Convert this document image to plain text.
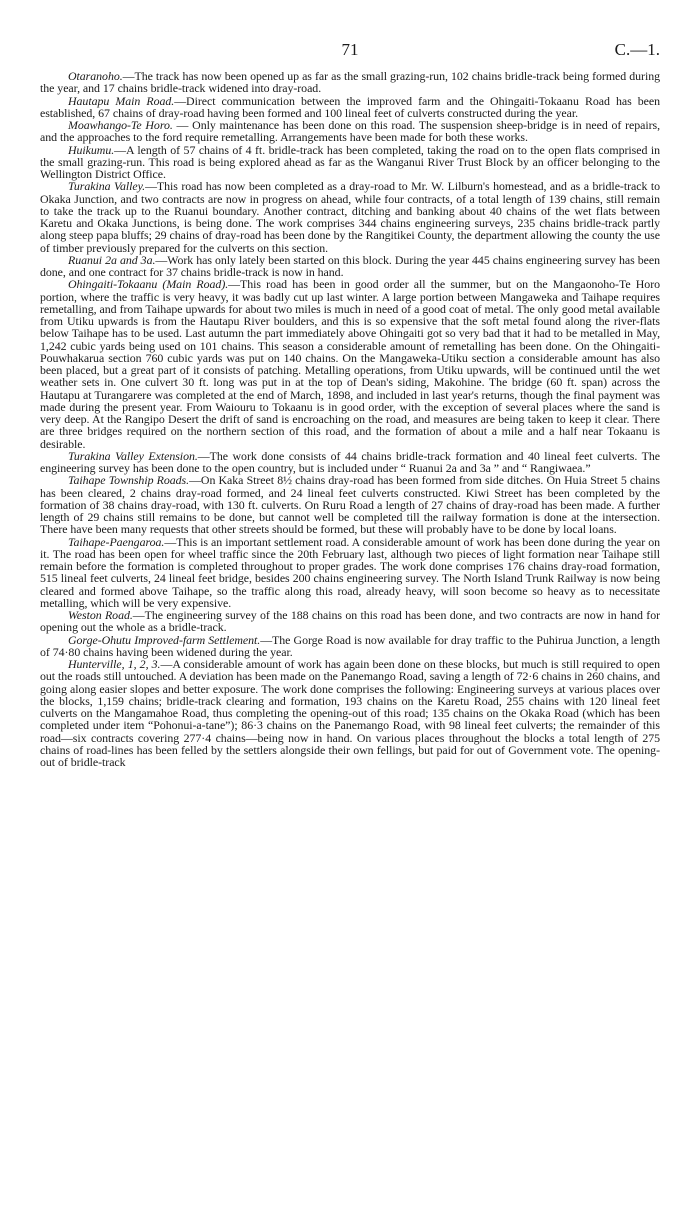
71	C.—1.

Otaranoho.—The track has now been opened up as far as the small grazing-run, 102 chains bridle-track being formed during the year, and 17 chains bridle-track widened into dray-road.

Hautapu Main Road.—Direct communication between the improved farm and the Ohingaiti-Tokaanu Road has been established, 67 chains of dray-road having been formed and 100 lineal feet of culverts constructed during the year.

Moawhango-Te Horo. — Only maintenance has been done on this road. The suspension sheep-bridge is in need of repairs, and the approaches to the ford require remetalling. Arrangements have been made for both these works.

Huikumu.—A length of 57 chains of 4 ft. bridle-track has been completed, taking the road on to the open flats comprised in the small grazing-run. This road is being explored ahead as far as the Wanganui River Trust Block by an officer belonging to the Wellington District Office.

Turakina Valley.—This road has now been completed as a dray-road to Mr. W. Lilburn's homestead, and as a bridle-track to Okaka Junction, and two contracts are now in progress on ahead, while four contracts, of a total length of 139 chains, still remain to take the track up to the Ruanui boundary. Another contract, ditching and banking about 40 chains of the wet flats between Karetu and Okaka Junctions, is being done. The work comprises 344 chains engineering surveys, 235 chains bridle-track partly along steep papa bluffs; 29 chains of dray-road has been done by the Rangitikei County, the department allowing the county the use of timber previously prepared for the culverts on this section.

Ruanui 2a and 3a.—Work has only lately been started on this block. During the year 445 chains engineering survey has been done, and one contract for 37 chains bridle-track is now in hand.

Ohingaiti-Tokaanu (Main Road).—This road has been in good order all the summer, but on the Mangaonoho-Te Horo portion, where the traffic is very heavy, it was badly cut up last winter. A large portion between Mangaweka and Taihape requires remetalling, and from Taihape upwards for about two miles is much in need of a good coat of metal. The only good metal available from Utiku upwards is from the Hautapu River boulders, and this is so expensive that the soft metal found along the river-flats below Taihape has to be used. Last autumn the part immediately above Ohingaiti got so very bad that it had to be metalled in May, 1,242 cubic yards being used on 101 chains. This season a considerable amount of remetalling has been done. On the Ohingaiti-Pouwhakarua section 760 cubic yards was put on 140 chains. On the Mangaweka-Utiku section a considerable amount has also been placed, but a great part of it consists of patching. Metalling operations, from Utiku upwards, will be continued until the wet weather sets in. One culvert 30 ft. long was put in at the top of Dean's siding, Makohine. The bridge (60 ft. span) across the Hautapu at Turangarere was completed at the end of March, 1898, and included in last year's returns, though the final payment was made during the present year. From Waiouru to Tokaanu is in good order, with the exception of several places where the sand is very deep. At the Rangipo Desert the drift of sand is encroaching on the road, and measures are being taken to keep it clear. There are three bridges required on the northern section of this road, and the formation of about a mile and a half near Tokaanu is desirable.

Turakina Valley Extension.—The work done consists of 44 chains bridle-track formation and 40 lineal feet culverts. The engineering survey has been done to the open country, but is included under “ Ruanui 2a and 3a ” and “ Rangiwaea.”

Taihape Township Roads.—On Kaka Street 8½ chains dray-road has been formed from side ditches. On Huia Street 5 chains has been cleared, 2 chains dray-road formed, and 24 lineal feet culverts constructed. Kiwi Street has been completed by the formation of 38 chains dray-road, with 130 ft. culverts. On Ruru Road a length of 27 chains of dray-road has been made. A further length of 29 chains still remains to be done, but cannot well be completed till the railway formation is done at the intersection. There have been many requests that other streets should be formed, but these will probably have to be done by local loans.

Taihape-Paengaroa.—This is an important settlement road. A considerable amount of work has been done during the year on it. The road has been open for wheel traffic since the 20th February last, although two pieces of light formation near Taihape still remain before the formation is completed throughout to proper grades. The work done comprises 176 chains dray-road formation, 515 lineal feet culverts, 24 lineal feet bridge, besides 200 chains engineering survey. The North Island Trunk Railway is now being cleared and formed above Taihape, so the traffic along this road, already heavy, will soon become so heavy as to necessitate metalling, which will be very expensive.

Weston Road.—The engineering survey of the 188 chains on this road has been done, and two contracts are now in hand for opening out the whole as a bridle-track.

Gorge-Ohutu Improved-farm Settlement.—The Gorge Road is now available for dray traffic to the Puhirua Junction, a length of 74·80 chains having been widened during the year.

Hunterville, 1, 2, 3.—A considerable amount of work has again been done on these blocks, but much is still required to open out the roads still untouched. A deviation has been made on the Panemango Road, saving a length of 72·6 chains in 260 chains, and going along easier slopes and better exposure. The work done comprises the following: Engineering surveys at various places over the blocks, 1,159 chains; bridle-track clearing and formation, 193 chains on the Karetu Road, 255 chains with 120 lineal feet culverts on the Mangamahoe Road, thus completing the opening-out of this road; 135 chains on the Okaka Road (which has been completed under item “Pohonui-a-tane”); 86·3 chains on the Panemango Road, with 98 lineal feet culverts; the remainder of this road—six contracts covering 277·4 chains—being now in hand. On various places throughout the blocks a total length of 275 chains of road-lines has been felled by the settlers alongside their own fellings, but paid for out of Government vote. The opening-out of bridle-track
